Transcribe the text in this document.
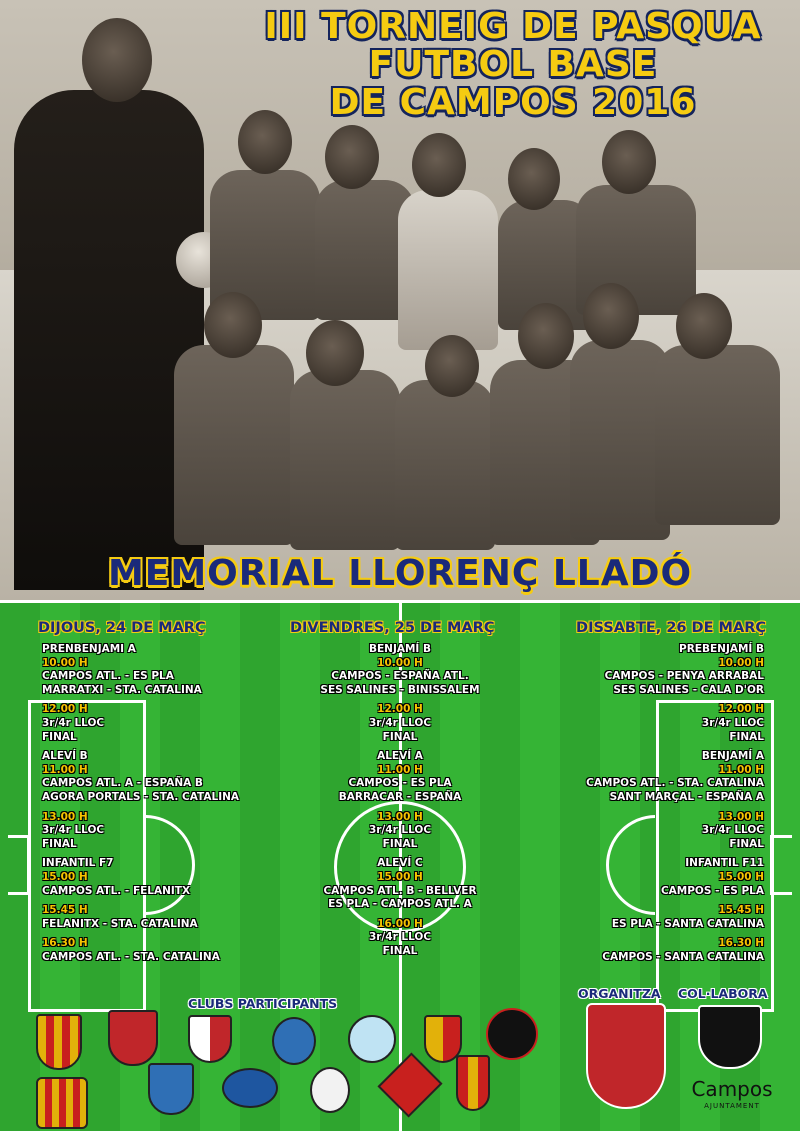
III TORNEIG DE PASQUA
FUTBOL BASE
DE CAMPOS 2016
MEMORIAL LLORENÇ LLADÓ
DIJOUS, 24 DE MARÇ	DIVENDRES, 25 DE MARÇ	DISSABTE, 26 DE MARÇ
CLUBS PARTICIPANTS
ORGANITZA COL·LABORA
Campos
AJUNTAMENT
PRENBENJAMI A
10.00 H
CAMPOS ATL. - ES PLA
MARRATXI - STA. CATALINA
12.00 H
3r/4r LLOC
FINAL
ALEVÍ B
11.00 H
CAMPOS ATL. A - ESPAÑA B
AGORA PORTALS - STA. CATALINA
13.00 H
3r/4r LLOC
FINAL
INFANTIL F7
15.00 H
CAMPOS ATL. - FELANITX
15.45 H
FELANITX - STA. CATALINA
16.30 H
CAMPOS ATL. - STA. CATALINA
BENJAMÍ B
10.00 H
CAMPOS - ESPAÑA ATL.
SES SALINES - BINISSALEM
12.00 H
3r/4r LLOC
FINAL
ALEVÍ A
11.00 H
CAMPOS - ES PLA
BARRACAR - ESPAÑA
13.00 H
3r/4r LLOC
FINAL
ALEVÍ C
15.00 H
CAMPOS ATL. B - BELLVER
ES PLA - CAMPOS ATL. A
16.00 H
3r/4r LLOC
FINAL
PREBENJAMÍ B
10.00 H
CAMPOS - PENYA ARRABAL
SES SALINES - CALA D'OR
12.00 H
3r/4r LLOC
FINAL
BENJAMÍ A
11.00 H
CAMPOS ATL. - STA. CATALINA
SANT MARÇAL - ESPAÑA A
13.00 H
3r/4r LLOC
FINAL
INFANTIL F11
15.00 H
CAMPOS - ES PLA
15.45 H
ES PLA - SANTA CATALINA
16.30 H
CAMPOS - SANTA CATALINA
